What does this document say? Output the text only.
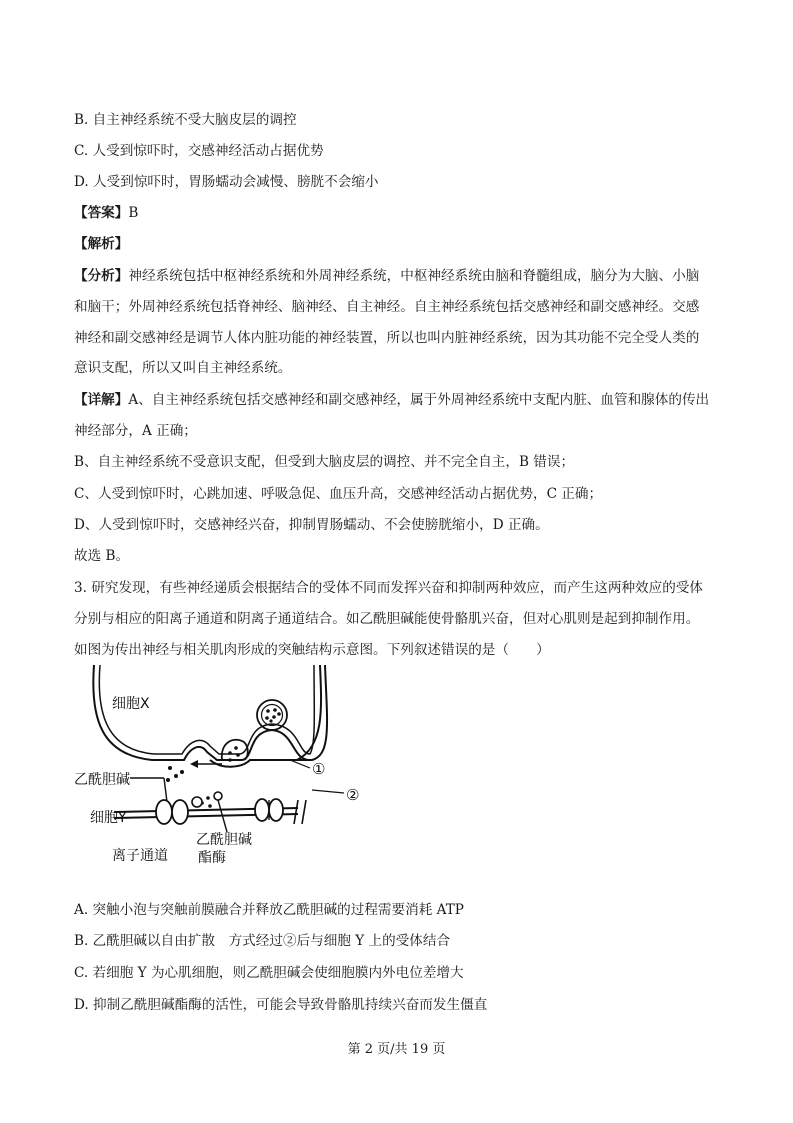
B. 自主神经系统不受大脑皮层的调控
C. 人受到惊吓时，交感神经活动占据优势
D. 人受到惊吓时，胃肠蠕动会减慢、膀胱不会缩小
【答案】B
【解析】
【分析】神经系统包括中枢神经系统和外周神经系统，中枢神经系统由脑和脊髓组成，脑分为大脑、小脑
和脑干；外周神经系统包括脊神经、脑神经、自主神经。自主神经系统包括交感神经和副交感神经。交感
神经和副交感神经是调节人体内脏功能的神经装置，所以也叫内脏神经系统，因为其功能不完全受人类的
意识支配，所以又叫自主神经系统。
【详解】A、自主神经系统包括交感神经和副交感神经，属于外周神经系统中支配内脏、血管和腺体的传出
神经部分，A 正确；
B、自主神经系统不受意识支配，但受到大脑皮层的调控、并不完全自主，B 错误；
C、人受到惊吓时，心跳加速、呼吸急促、血压升高，交感神经活动占据优势，C 正确；
D、人受到惊吓时，交感神经兴奋，抑制胃肠蠕动、不会使膀胱缩小，D 正确。
故选 B。
3. 研究发现，有些神经递质会根据结合的受体不同而发挥兴奋和抑制两种效应，而产生这两种效应的受体
分别与相应的阳离子通道和阴离子通道结合。如乙酰胆碱能使骨骼肌兴奋，但对心肌则是起到抑制作用。
如图为传出神经与相关肌肉形成的突触结构示意图。下列叙述错误的是（　　）
细胞X
①
②
乙酰胆碱
细胞Y
离子通道
乙酰胆碱
酯酶
A. 突触小泡与突触前膜融合并释放乙酰胆碱的过程需要消耗 ATP
B. 乙酰胆碱以自由扩散　方式经过②后与细胞 Y 上的受体结合
C. 若细胞 Y 为心肌细胞，则乙酰胆碱会使细胞膜内外电位差增大
D. 抑制乙酰胆碱酯酶的活性，可能会导致骨骼肌持续兴奋而发生僵直
第 2 页/共 19 页
